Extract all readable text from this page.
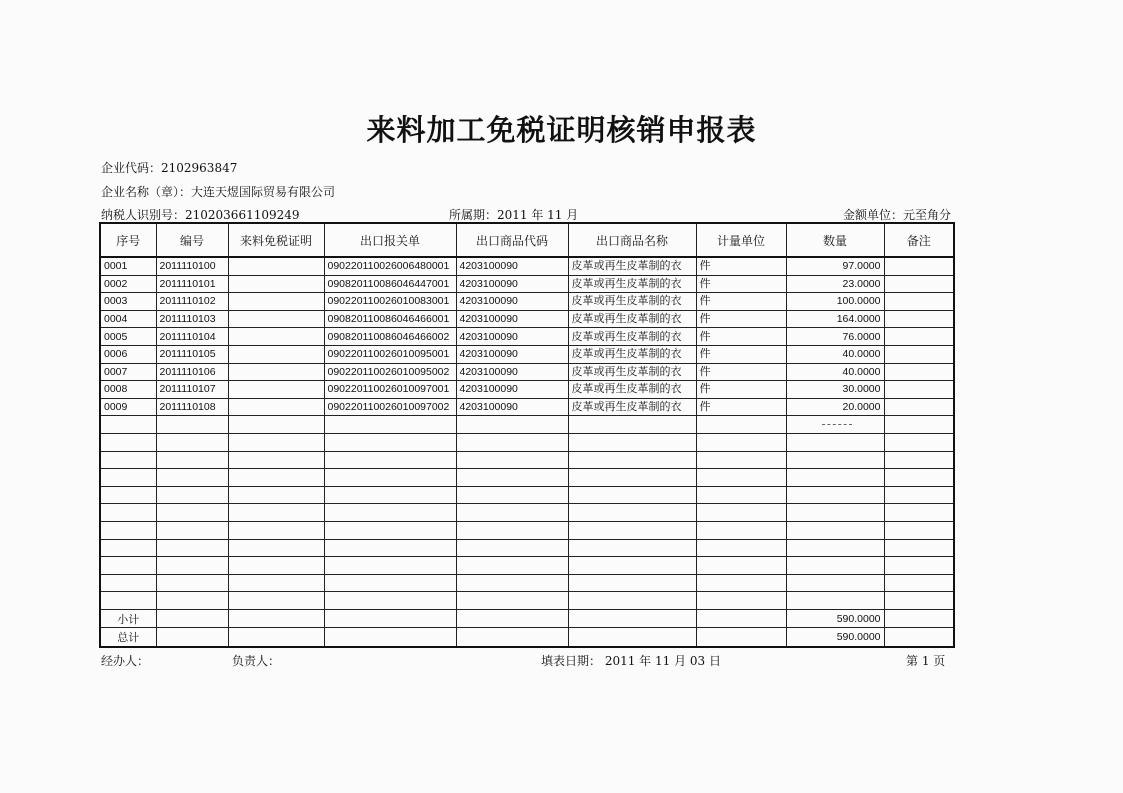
来料加工免税证明核销申报表
企业代码：2102963847
企业名称（章）：大连天煜国际贸易有限公司
纳税人识别号：210203661109249	所属期：2011 年 11 月	金额单位：元至角分
序号	编号	来料免税证明	出口报关单	出口商品代码	出口商品名称	计量单位	数量	备注
0001	2011110100		090220110026006480001	4203100090	皮革或再生皮革制的衣	件	97.0000	
0002	2011110101		090820110086046447001	4203100090	皮革或再生皮革制的衣	件	23.0000	
0003	2011110102		090220110026010083001	4203100090	皮革或再生皮革制的衣	件	100.0000	
0004	2011110103		090820110086046466001	4203100090	皮革或再生皮革制的衣	件	164.0000	
0005	2011110104		090820110086046466002	4203100090	皮革或再生皮革制的衣	件	76.0000	
0006	2011110105		090220110026010095001	4203100090	皮革或再生皮革制的衣	件	40.0000	
0007	2011110106		090220110026010095002	4203100090	皮革或再生皮革制的衣	件	40.0000	
0008	2011110107		090220110026010097001	4203100090	皮革或再生皮革制的衣	件	30.0000	
0009	2011110108		090220110026010097002	4203100090	皮革或再生皮革制的衣	件	20.0000	

小计							590.0000	
总计							590.0000	
经办人：	负责人：	填表日期： 2011 年 11 月 03 日	第 1 页
